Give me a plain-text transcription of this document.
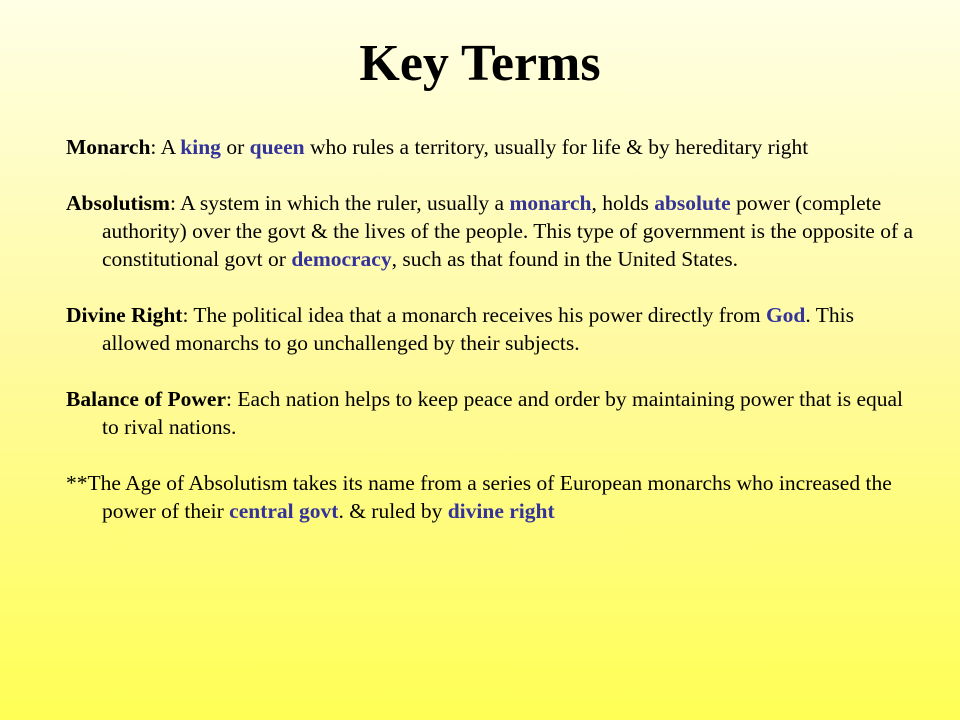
Key Terms

Monarch: A king or queen who rules a territory, usually for life & by hereditary right

Absolutism: A system in which the ruler, usually a monarch, holds absolute power (complete authority) over the govt & the lives of the people. This type of government is the opposite of a constitutional govt or democracy, such as that found in the United States.

Divine Right: The political idea that a monarch receives his power directly from God. This allowed monarchs to go unchallenged by their subjects.

Balance of Power: Each nation helps to keep peace and order by maintaining power that is equal to rival nations.

**The Age of Absolutism takes its name from a series of European monarchs who increased the power of their central govt. & ruled by divine right
